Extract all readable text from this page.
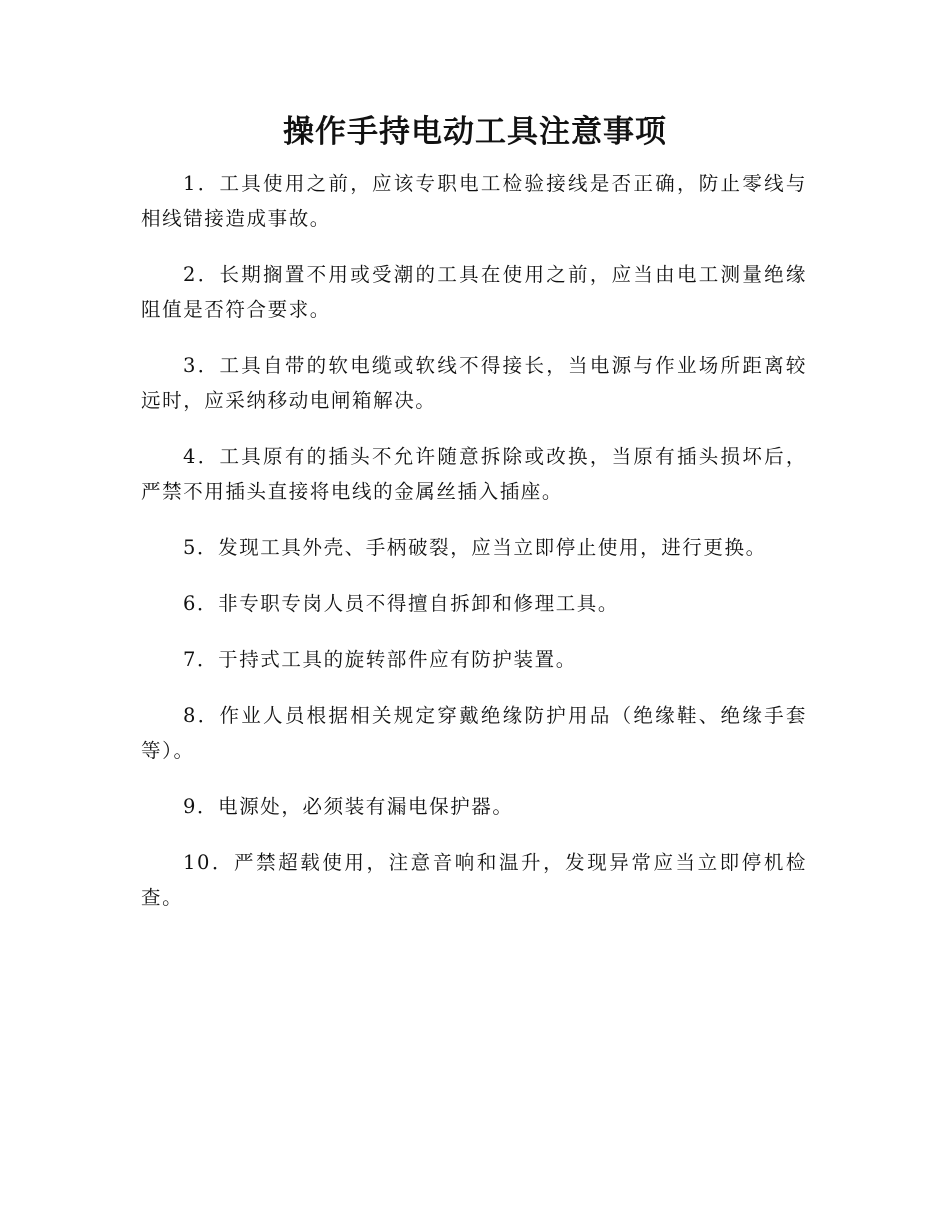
操作手持电动工具注意事项

1．工具使用之前，应该专职电工检验接线是否正确，防止零线与相线错接造成事故。

2．长期搁置不用或受潮的工具在使用之前，应当由电工测量绝缘阻值是否符合要求。

3．工具自带的软电缆或软线不得接长，当电源与作业场所距离较远时，应采纳移动电闸箱解决。

4．工具原有的插头不允许随意拆除或改换，当原有插头损坏后，严禁不用插头直接将电线的金属丝插入插座。

5．发现工具外壳、手柄破裂，应当立即停止使用，进行更换。

6．非专职专岗人员不得擅自拆卸和修理工具。

7．于持式工具的旋转部件应有防护装置。

8．作业人员根据相关规定穿戴绝缘防护用品（绝缘鞋、绝缘手套等）。

9．电源处，必须装有漏电保护器。

10．严禁超载使用，注意音响和温升，发现异常应当立即停机检查。
